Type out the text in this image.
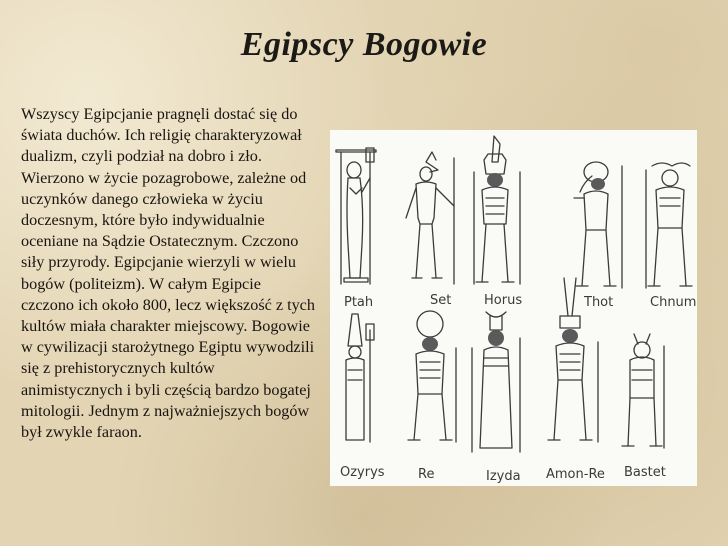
Egipscy Bogowie

Wszyscy Egipcjanie pragnęli dostać się do świata duchów. Ich religię charakteryzował dualizm, czyli podział na dobro i zło. Wierzono w życie pozagrobowe, zależne od uczynków danego człowieka w życiu doczesnym, które było indywidualnie oceniane na Sądzie Ostatecznym. Czczono siły przyrody. Egipcjanie wierzyli w wielu bogów (politeizm). W całym Egipcie czczono ich około 800, lecz większość z tych kultów miała charakter miejscowy. Bogowie w cywilizacji starożytnego Egiptu wywodzili się z prehistorycznych kultów animistycznych i byli częścią bardzo bogatej mitologii. Jednym z najważniejszych bogów był zwykle faraon.

Ptah	Set	Horus	Thot	Chnum
Ozyrys	Re	Izyda Amon-Re Bastet
